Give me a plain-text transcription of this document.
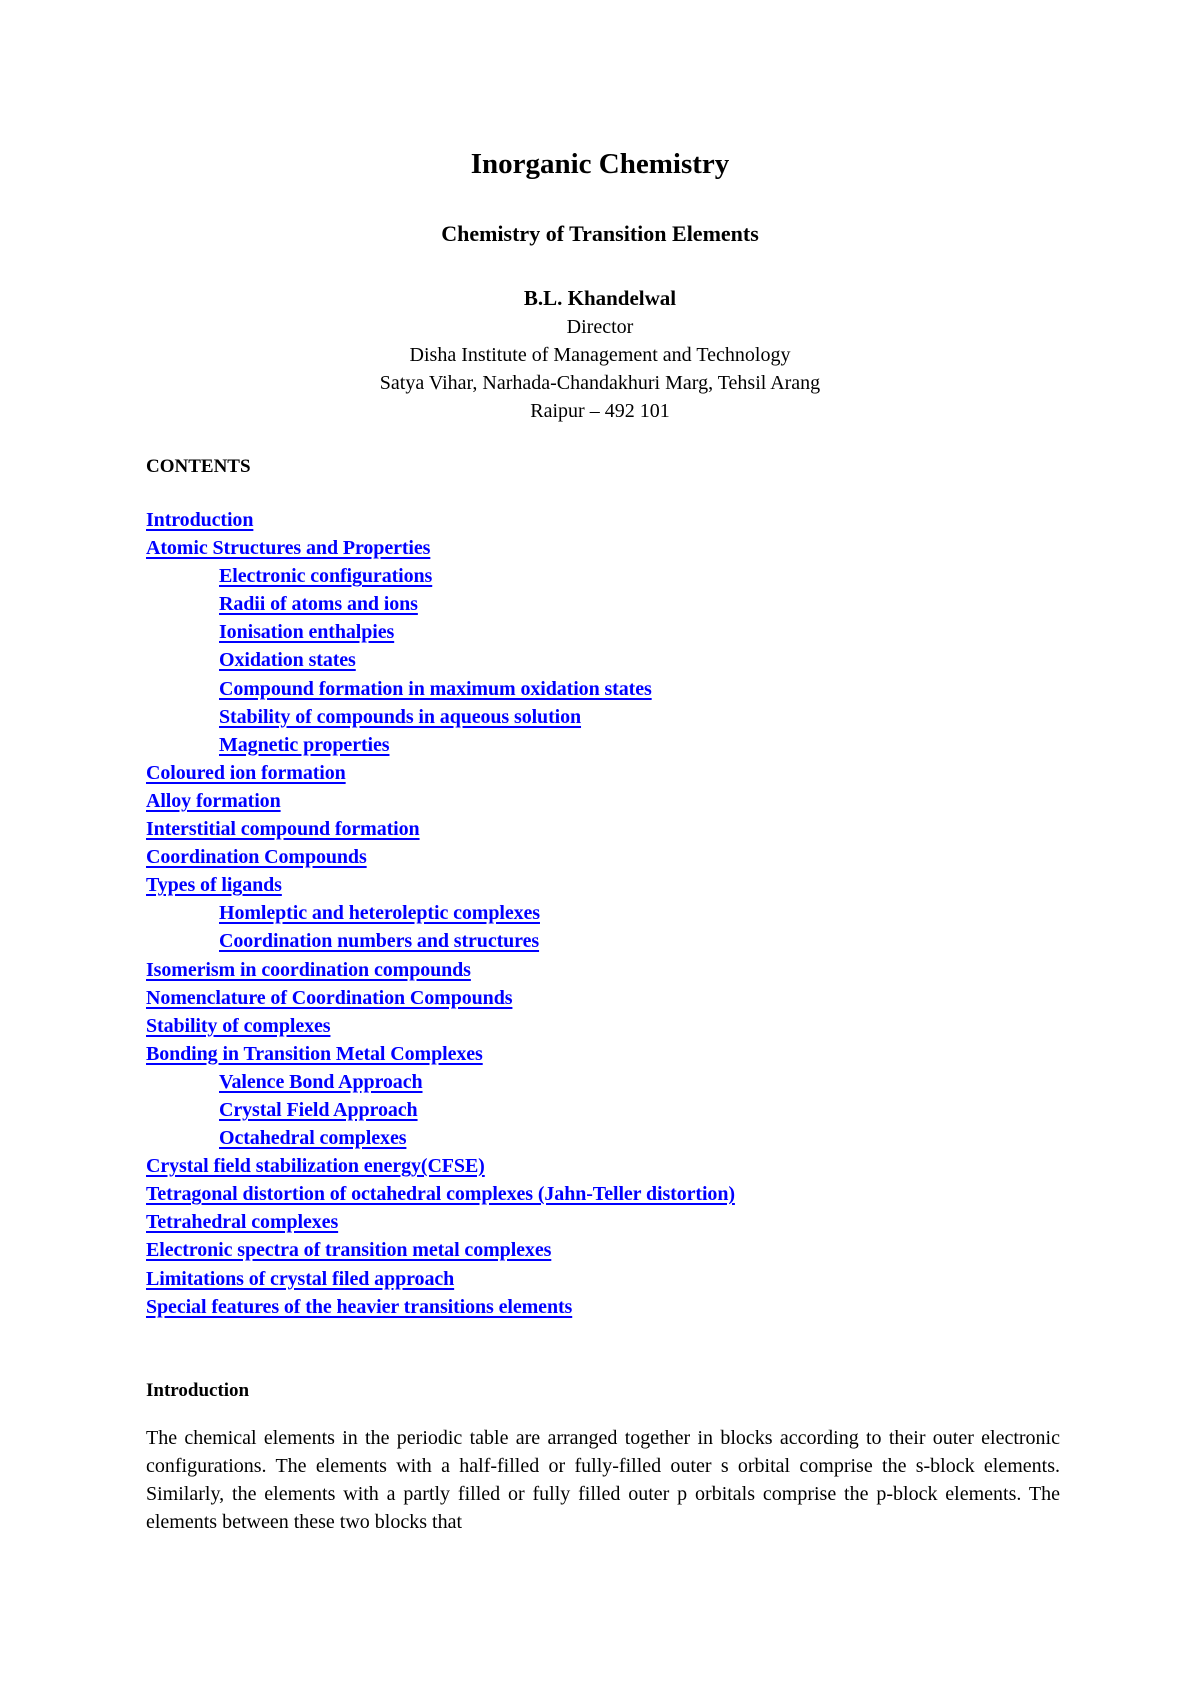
Inorganic Chemistry
Chemistry of Transition Elements
B.L. Khandelwal
Director
Disha Institute of Management and Technology
Satya Vihar, Narhada-Chandakhuri Marg, Tehsil Arang
Raipur – 492 101
CONTENTS
Introduction
Atomic Structures and Properties
Electronic configurations
Radii of atoms and ions
Ionisation enthalpies
Oxidation states
Compound formation in maximum oxidation states
Stability of compounds in aqueous solution
Magnetic properties
Coloured ion formation
Alloy formation
Interstitial compound formation
Coordination Compounds
Types of ligands
Homleptic and heteroleptic complexes
Coordination numbers and structures
Isomerism in coordination compounds
Nomenclature of Coordination Compounds
Stability of complexes
Bonding in Transition Metal Complexes
Valence Bond Approach
Crystal Field Approach
Octahedral complexes
Crystal field stabilization energy(CFSE)
Tetragonal distortion of octahedral complexes (Jahn-Teller distortion)
Tetrahedral complexes
Electronic spectra of transition metal complexes
Limitations of crystal filed approach
Special features of the heavier transitions elements
Introduction
The chemical elements in the periodic table are arranged together in blocks according to their outer electronic configurations. The elements with a half-filled or fully-filled outer s orbital comprise the s-block elements. Similarly, the elements with a partly filled or fully filled outer p orbitals comprise the p-block elements. The elements between these two blocks that
